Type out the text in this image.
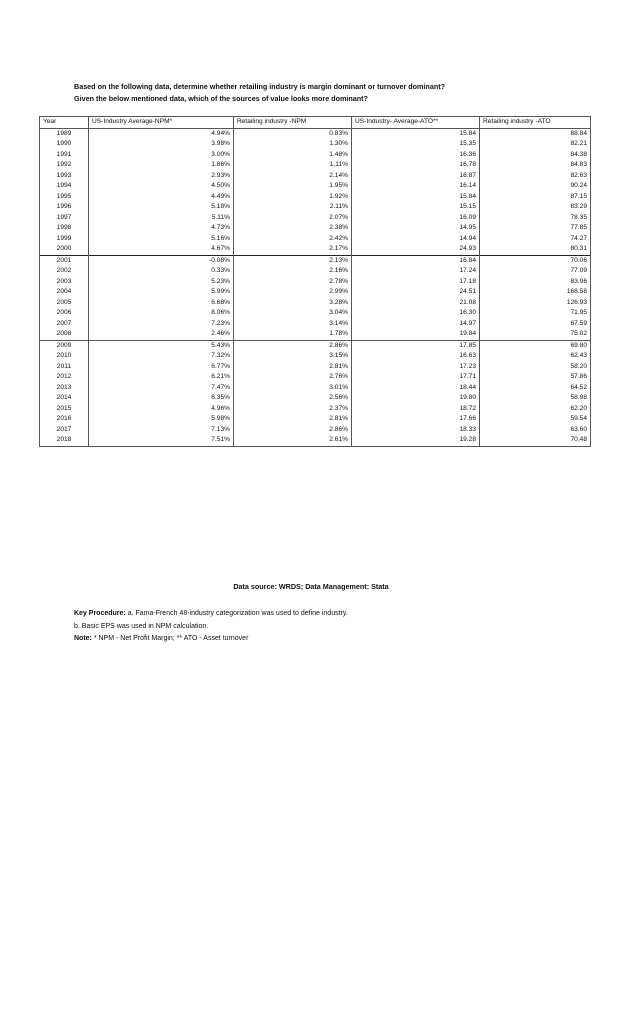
Based on the following data, determine whether retailing industry is margin dominant or turnover dominant?
Given the below mentioned data, which of the sources of value looks more dominant?
Year	US-Industry Average-NPM*	Retailing industry -NPM	US-Industry- Average-ATO**	Retailing industry -ATO
1989	4.94%	0.83%	15.84	88.84
1990	3.98%	1.30%	15.35	82.21
1991	3.00%	1.48%	16.36	84.38
1992	1.86%	1.11%	16.78	84.83
1993	2.93%	2.14%	16.87	82.63
1994	4.50%	1.95%	16.14	90.24
1995	4.49%	1.92%	15.84	87.15
1996	5.18%	2.11%	15.15	83.29
1997	5.11%	2.07%	16.09	78.35
1998	4.73%	2.38%	14.95	77.85
1999	5.16%	2.42%	14.94	74.27
2000	4.67%	2.17%	24.93	80.31
2001	-0.08%	2.13%	16.84	70.06
2002	0.33%	2.16%	17.24	77.09
2003	5.23%	2.78%	17.18	83.96
2004	5.99%	2.99%	24.51	168.58
2005	6.68%	3.28%	21.08	126.93
2006	8.06%	3.04%	16.30	71.95
2007	7.23%	3.14%	14.97	67.59
2008	2.46%	1.78%	19.84	75.02
2009	5.43%	2.86%	17.85	69.80
2010	7.32%	3.15%	16.63	62.43
2011	6.77%	2.81%	17.23	58.20
2012	6.21%	2.76%	17.71	57.86
2013	7.47%	3.01%	18.44	64.52
2014	6.35%	2.56%	19.80	58.98
2015	4.96%	2.37%	18.72	62.20
2016	5.98%	2.81%	17.66	59.54
2017	7.13%	2.86%	18.33	63.60
2018	7.51%	2.61%	19.28	70.48
Data source: WRDS; Data Management: Stata
Key Procedure: a. Fama-French 48-industry categorization was used to define industry.
b. Basic EPS was used in NPM calculation.
Note: * NPM - Net Profit Margin; ** ATO - Asset turnover
